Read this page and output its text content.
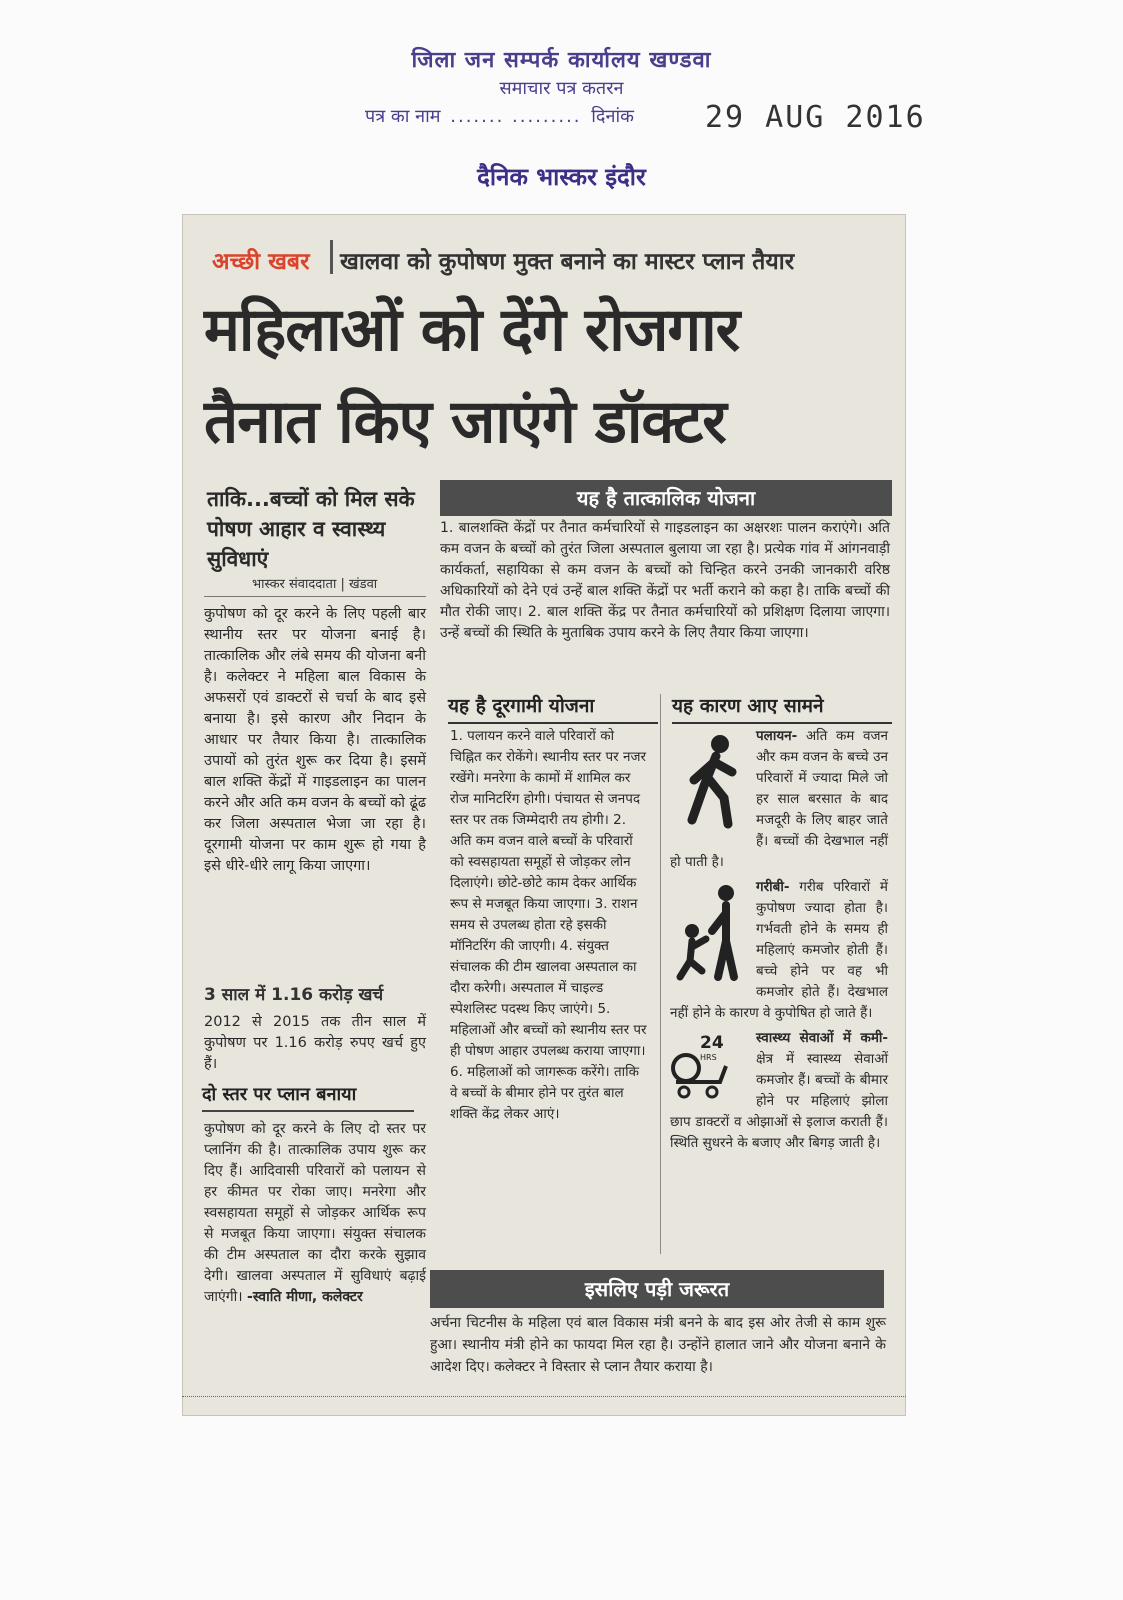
जिला जन सम्पर्क कार्यालय खण्डवा
समाचार पत्र कतरन
पत्र का नाम ....... ......... दिनांक 29 AUG 2016
दैनिक भास्कर इंदौर
अच्छी खबर खालवा को कुपोषण मुक्त बनाने का मास्टर प्लान तैयार
महिलाओं को देंगे रोजगार
तैनात किए जाएंगे डॉक्टर
ताकि...बच्चों को मिल सके पोषण आहार व स्वास्थ्य सुविधाएं
भास्कर संवाददाता | खंडवा
कुपोषण को दूर करने के लिए पहली बार स्थानीय स्तर पर योजना बनाई है। तात्कालिक और लंबे समय की योजना बनी है। कलेक्टर ने महिला बाल विकास के अफसरों एवं डाक्टरों से चर्चा के बाद इसे बनाया है। इसे कारण और निदान के आधार पर तैयार किया है। तात्कालिक उपायों को तुरंत शुरू कर दिया है। इसमें बाल शक्ति केंद्रों में गाइडलाइन का पालन करने और अति कम वजन के बच्चों को ढूंढ कर जिला अस्पताल भेजा जा रहा है। दूरगामी योजना पर काम शुरू हो गया है इसे धीरे-धीरे लागू किया जाएगा।
3 साल में 1.16 करोड़ खर्च
2012 से 2015 तक तीन साल में कुपोषण पर 1.16 करोड़ रुपए खर्च हुए हैं।
दो स्तर पर प्लान बनाया
कुपोषण को दूर करने के लिए दो स्तर पर प्लानिंग की है। तात्कालिक उपाय शुरू कर दिए हैं। आदिवासी परिवारों को पलायन से हर कीमत पर रोका जाए। मनरेगा और स्वसहायता समूहों से जोड़कर आर्थिक रूप से मजबूत किया जाएगा। संयुक्त संचालक की टीम अस्पताल का दौरा करके सुझाव देगी। खालवा अस्पताल में सुविधाएं बढ़ाई जाएंगी। -स्वाति मीणा, कलेक्टर
यह है तात्कालिक योजना
1. बालशक्ति केंद्रों पर तैनात कर्मचारियों से गाइडलाइन का अक्षरशः पालन कराएंगे। अति कम वजन के बच्चों को तुरंत जिला अस्पताल बुलाया जा रहा है। प्रत्येक गांव में आंगनवाड़ी कार्यकर्ता, सहायिका से कम वजन के बच्चों को चिन्हित करने उनकी जानकारी वरिष्ठ अधिकारियों को देने एवं उन्हें बाल शक्ति केंद्रों पर भर्ती कराने को कहा है। ताकि बच्चों की मौत रोकी जाए। 2. बाल शक्ति केंद्र पर तैनात कर्मचारियों को प्रशिक्षण दिलाया जाएगा। उन्हें बच्चों की स्थिति के मुताबिक उपाय करने के लिए तैयार किया जाएगा।
यह है दूरगामी योजना	यह कारण आए सामने
1. पलायन करने वाले परिवारों को चिह्नित कर रोकेंगे। स्थानीय स्तर पर नजर रखेंगे। मनरेगा के कामों में शामिल कर रोज मानिटरिंग होगी। पंचायत से जनपद स्तर पर तक जिम्मेदारी तय होगी। 2. अति कम वजन वाले बच्चों के परिवारों को स्वसहायता समूहों से जोड़कर लोन दिलाएंगे। छोटे-छोटे काम देकर आर्थिक रूप से मजबूत किया जाएगा। 3. राशन समय से उपलब्ध होता रहे इसकी मॉनिटरिंग की जाएगी। 4. संयुक्त संचालक की टीम खालवा अस्पताल का दौरा करेगी। अस्पताल में चाइल्ड स्पेशलिस्ट पदस्थ किए जाएंगे। 5. महिलाओं और बच्चों को स्थानीय स्तर पर ही पोषण आहार उपलब्ध कराया जाएगा। 6. महिलाओं को जागरूक करेंगे। ताकि वे बच्चों के बीमार होने पर तुरंत बाल शक्ति केंद्र लेकर आएं।
पलायन- अति कम वजन और कम वजन के बच्चे उन परिवारों में ज्यादा मिले जो हर साल बरसात के बाद मजदूरी के लिए बाहर जाते हैं। बच्चों की देखभाल नहीं हो पाती है।
गरीबी- गरीब परिवारों में कुपोषण ज्यादा होता है। गर्भवती होने के समय ही महिलाएं कमजोर होती हैं। बच्चे होने पर वह भी कमजोर होते हैं। देखभाल नहीं होने के कारण वे कुपोषित हो जाते हैं।
स्वास्थ्य सेवाओं में कमी-
24
HRS	क्षेत्र में स्वास्थ्य सेवाओं कमजोर हैं। बच्चों के बीमार होने पर महिलाएं झोला छाप डाक्टरों व ओझाओं से इलाज कराती हैं। स्थिति सुधरने के बजाए और बिगड़ जाती है।
इसलिए पड़ी जरूरत
अर्चना चिटनीस के महिला एवं बाल विकास मंत्री बनने के बाद इस ओर तेजी से काम शुरू हुआ। स्थानीय मंत्री होने का फायदा मिल रहा है। उन्होंने हालात जाने और योजना बनाने के आदेश दिए। कलेक्टर ने विस्तार से प्लान तैयार कराया है।
